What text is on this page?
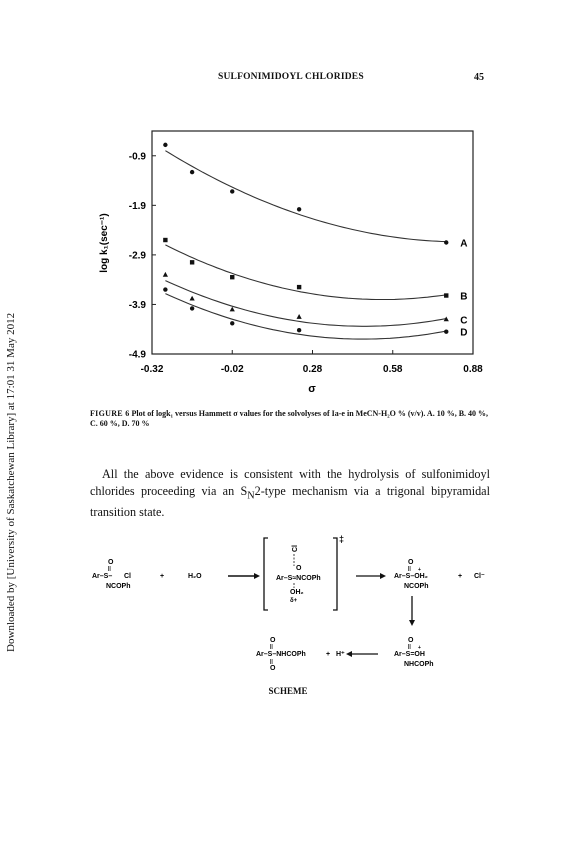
SULFONIMIDOYL CHLORIDES	45
Downloaded by [University of Saskatchewan Library] at 17:01 31 May 2012	-0.32	-0.02	0.28	0.58	0.88
-0.9
-1.9
-2.9
-3.9
-4.9
A
B
C
D
σ
log k₁(sec⁻¹)
FIGURE 6 Plot of logk₁ versus Hammett σ values for the solvolyses of Ia-e in MeCN-H₂O % (v/v). A. 10 %, B. 40 %, C. 60 %, D. 70 %
All the above evidence is consistent with the hydrolysis of sulfonimidoyl chlorides proceeding via an $S_N2$-type mechanism via a trigonal bipyramidal transition state.
O
||
Ar–S– Cl
NCOPh
+	H₂O
‡
Cl
O
Ar–S≈NCOPh
OH₂
δ+
O
||
Ar–S–OH₂
+
NCOPh
+ Cl⁻
O
||
Ar–S=OH
+
NHCOPh
O
||
Ar–S–NHCOPh
||
O
+ H⁺
SCHEME
